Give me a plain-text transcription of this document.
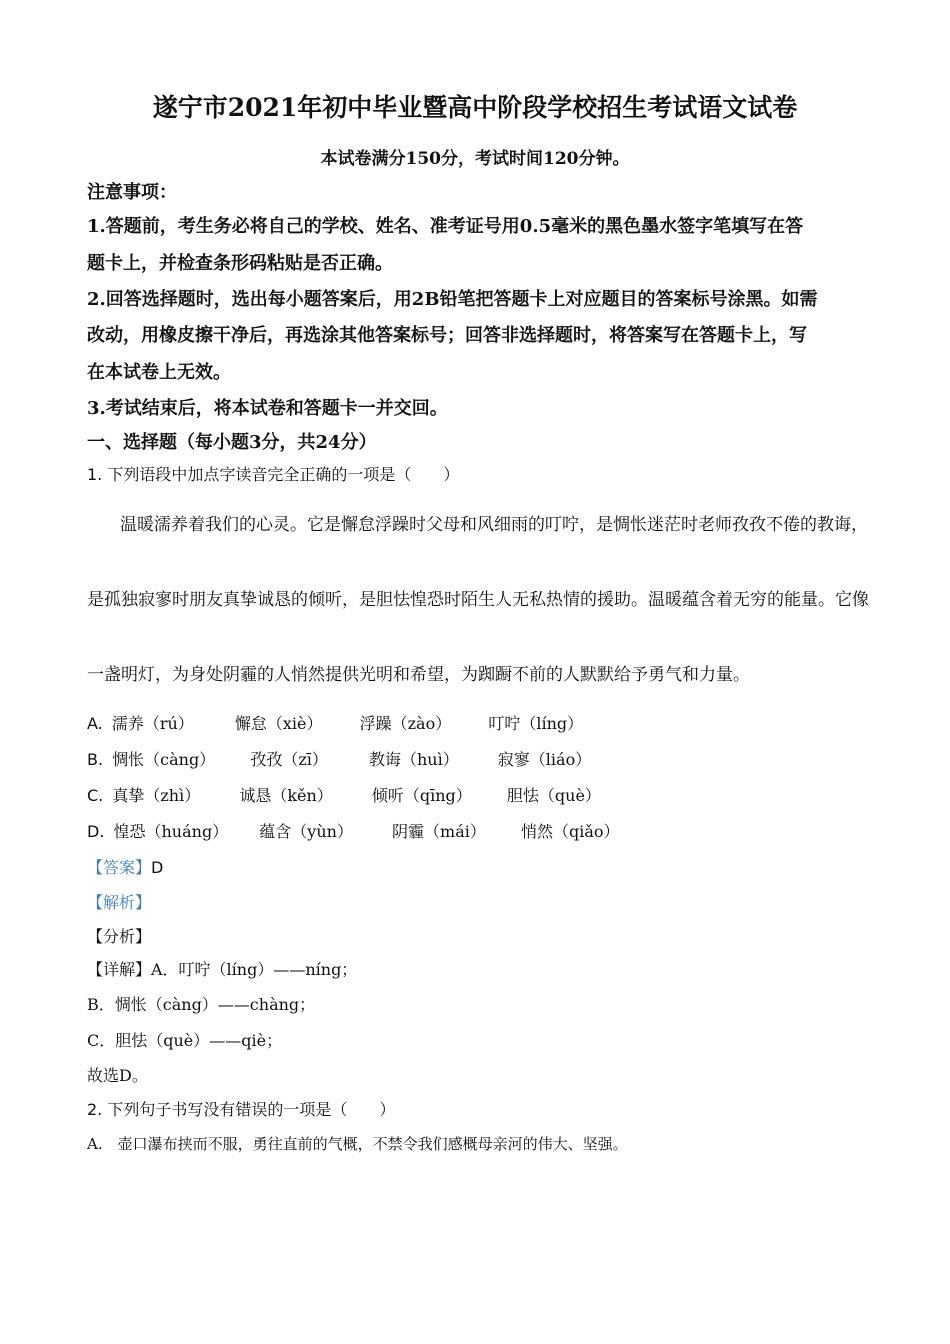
遂宁市2021年初中毕业暨高中阶段学校招生考试语文试卷
本试卷满分150分，考试时间120分钟。
注意事项：
1.答题前，考生务必将自己的学校、姓名、准考证号用0.5毫米的黑色墨水签字笔填写在答
题卡上，并检查条形码粘贴是否正确。
2.回答选择题时，选出每小题答案后，用2B铅笔把答题卡上对应题目的答案标号涂黑。如需
改动，用橡皮擦干净后，再选涂其他答案标号；回答非选择题时，将答案写在答题卡上，写
在本试卷上无效。
3.考试结束后，将本试卷和答题卡一并交回。
一、选择题（每小题3分，共24分）
1. 下列语段中加点字读音完全正确的一项是（　　）
温暖濡养着我们的心灵。它是懈怠浮躁时父母和风细雨的叮咛，是惆怅迷茫时老师孜孜不倦的教诲，
是孤独寂寥时朋友真挚诚恳的倾听，是胆怯惶恐时陌生人无私热情的援助。温暖蕴含着无穷的能量。它像
一盏明灯，为身处阴霾的人悄然提供光明和希望，为踟蹰不前的人默默给予勇气和力量。
A. 濡养（rú）	懈怠（xiè） 浮躁（zào） 叮咛（líng）
B. 惆怅（càng） 孜孜（zī）	教诲（huì） 寂寥（liáo）
C. 真挚（zhì） 诚恳（kěn） 倾听（qīng） 胆怯（què）
D. 惶恐（huáng） 蕴含（yùn） 阴霾（mái） 悄然（qiǎo）
【答案】D
【解析】
【分析】
【详解】A．叮咛（líng）——níng；
B．惆怅（càng）——chàng；
C．胆怯（què）——qiè；
故选D。
2. 下列句子书写没有错误的一项是（　　）
A.　壶口瀑布挟而不服，勇往直前的气概，不禁令我们感概母亲河的伟大、坚强。
